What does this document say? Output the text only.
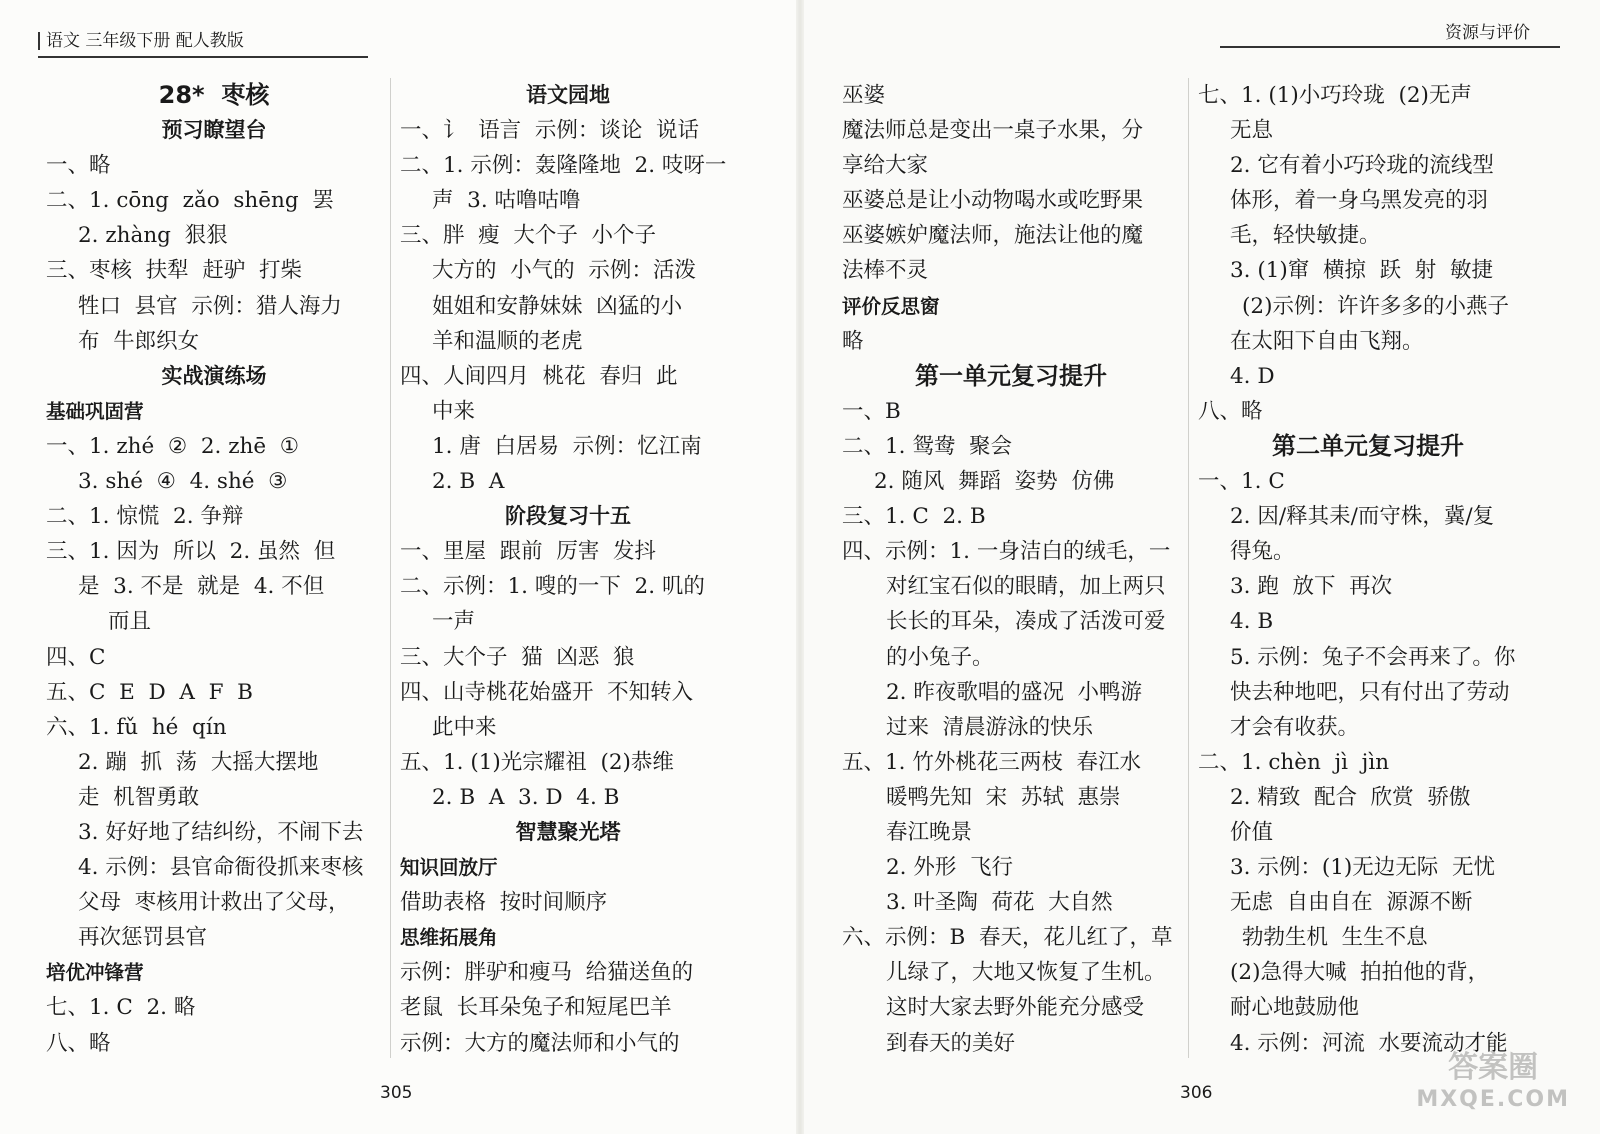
语文 三年级下册 配人教版	资源与评价
28*  枣核
预习瞭望台
一、略
二、1. cōng  zǎo  shēng  罢
2. zhàng  狠狠
三、枣核  扶犁  赶驴  打柴
牲口  县官  示例：猎人海力
布  牛郎织女
实战演练场
基础巩固营
一、1. zhé  ②  2. zhē  ①
3. shé  ④  4. shé  ③
二、1. 惊慌  2. 争辩
三、1. 因为  所以  2. 虽然  但
是  3. 不是  就是  4. 不但
而且
四、C
五、C  E  D  A  F  B
六、1. fǔ  hé  qín
2. 蹦  抓  荡  大摇大摆地
走  机智勇敢
3. 好好地了结纠纷，不闹下去
4. 示例：县官命衙役抓来枣核
父母  枣核用计救出了父母，
再次惩罚县官
培优冲锋营
七、1. C  2. 略
八、略
语文园地
一、讠  语言  示例：谈论  说话
二、1. 示例：轰隆隆地  2. 吱呀一
声  3. 咕噜咕噜
三、胖  瘦  大个子  小个子
大方的  小气的  示例：活泼
姐姐和安静妹妹  凶猛的小
羊和温顺的老虎
四、人间四月  桃花  春归  此
中来
1. 唐  白居易  示例：忆江南
2. B  A
阶段复习十五
一、里屋  跟前  厉害  发抖
二、示例：1. 嗖的一下  2. 叽的
一声
三、大个子  猫  凶恶  狼
四、山寺桃花始盛开  不知转入
此中来
五、1. (1)光宗耀祖  (2)恭维
2. B  A  3. D  4. B
智慧聚光塔
知识回放厅
借助表格  按时间顺序
思维拓展角
示例：胖驴和瘦马  给猫送鱼的
老鼠  长耳朵兔子和短尾巴羊
示例：大方的魔法师和小气的
巫婆
魔法师总是变出一桌子水果，分
享给大家
巫婆总是让小动物喝水或吃野果
巫婆嫉妒魔法师，施法让他的魔
法棒不灵
评价反思窗
略
第一单元复习提升
一、B
二、1. 鸳鸯  聚会
2. 随风  舞蹈  姿势  仿佛
三、1. C  2. B
四、示例：1. 一身洁白的绒毛，一
对红宝石似的眼睛，加上两只
长长的耳朵，凑成了活泼可爱
的小兔子。
2. 昨夜歌唱的盛况  小鸭游
过来  清晨游泳的快乐
五、1. 竹外桃花三两枝  春江水
暖鸭先知  宋  苏轼  惠崇
春江晚景
2. 外形  飞行
3. 叶圣陶  荷花  大自然
六、示例：B  春天，花儿红了，草
儿绿了，大地又恢复了生机。
这时大家去野外能充分感受
到春天的美好
七、1. (1)小巧玲珑  (2)无声
无息
2. 它有着小巧玲珑的流线型
体形，着一身乌黑发亮的羽
毛，轻快敏捷。
3. (1)窜  横掠  跃  射  敏捷
(2)示例：许许多多的小燕子
在太阳下自由飞翔。
4. D
八、略
第二单元复习提升
一、1. C
2. 因/释其耒/而守株，冀/复
得兔。
3. 跑  放下  再次
4. B
5. 示例：兔子不会再来了。你
快去种地吧，只有付出了劳动
才会有收获。
二、1. chèn  jì  jìn
2. 精致  配合  欣赏  骄傲
价值
3. 示例：(1)无边无际  无忧
无虑  自由自在  源源不断
勃勃生机  生生不息
(2)急得大喊  拍拍他的背，
耐心地鼓励他
4. 示例：河流  水要流动才能
305	306
答案圈
MXQE.COM
